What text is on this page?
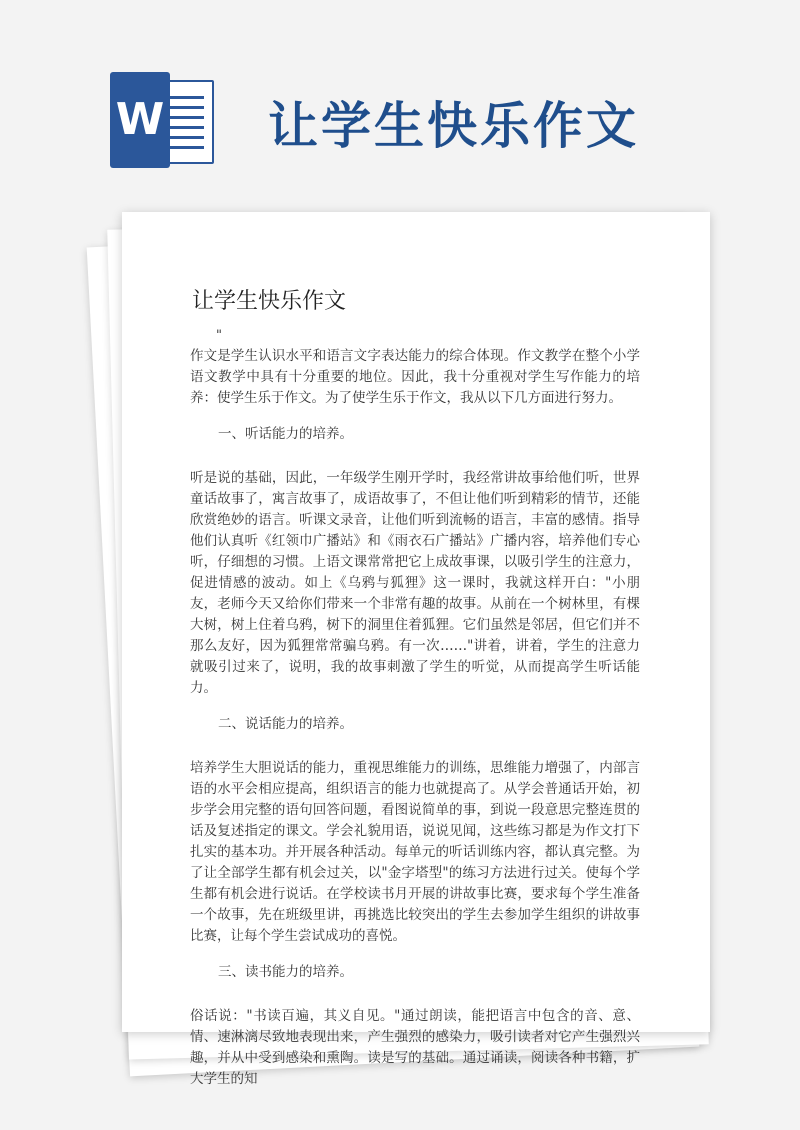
W 让学生快乐作文
让学生快乐作文
"
作文是学生认识水平和语言文字表达能力的综合体现。作文教学在整个小学语文教学中具有十分重要的地位。因此，我十分重视对学生写作能力的培养：使学生乐于作文。为了使学生乐于作文，我从以下几方面进行努力。
一、听话能力的培养。
听是说的基础，因此，一年级学生刚开学时，我经常讲故事给他们听，世界童话故事了，寓言故事了，成语故事了，不但让他们听到精彩的情节，还能欣赏绝妙的语言。听课文录音，让他们听到流畅的语言，丰富的感情。指导他们认真听《红领巾广播站》和《雨衣石广播站》广播内容，培养他们专心听，仔细想的习惯。上语文课常常把它上成故事课，以吸引学生的注意力，促进情感的波动。如上《乌鸦与狐狸》这一课时，我就这样开白："小朋友，老师今天又给你们带来一个非常有趣的故事。从前在一个树林里，有棵大树，树上住着乌鸦，树下的洞里住着狐狸。它们虽然是邻居，但它们并不那么友好，因为狐狸常常骗乌鸦。有一次……"讲着，讲着，学生的注意力就吸引过来了，说明，我的故事刺激了学生的听觉，从而提高学生听话能力。
二、说话能力的培养。
培养学生大胆说话的能力，重视思维能力的训练，思维能力增强了，内部言语的水平会相应提高，组织语言的能力也就提高了。从学会普通话开始，初步学会用完整的语句回答问题，看图说简单的事，到说一段意思完整连贯的话及复述指定的课文。学会礼貌用语，说说见闻，这些练习都是为作文打下扎实的基本功。并开展各种活动。每单元的听话训练内容，都认真完整。为了让全部学生都有机会过关，以"金字塔型"的练习方法进行过关。使每个学生都有机会进行说话。在学校读书月开展的讲故事比赛，要求每个学生准备一个故事，先在班级里讲，再挑选比较突出的学生去参加学生组织的讲故事比赛，让每个学生尝试成功的喜悦。
三、读书能力的培养。
俗话说："书读百遍，其义自见。"通过朗读，能把语言中包含的音、意、情、速淋漓尽致地表现出来，产生强烈的感染力，吸引读者对它产生强烈兴趣，并从中受到感染和熏陶。读是写的基础。通过诵读，阅读各种书籍，扩大学生的知
